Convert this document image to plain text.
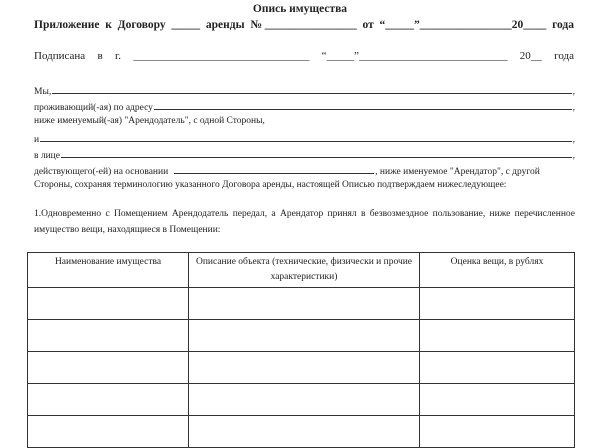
Опись имущества
Приложение к Договору _____ аренды №________________ от “_____”________________20____ года
Подписана в г. ________________________________ “_____”___________________________ 20__ года
Мы,	,
проживающий(-ая) по адресу	,
ниже именуемый(-ая) "Арендодатель", с одной Стороны,
и	,
в лице	,
действующего(-ей) на основании	, ниже именуемое "Арендатор", с другой
Стороны, сохраняя терминологию указанного Договора аренды, настоящей Описью подтверждаем нижеследующее:
1.Одновременно с Помещением Арендодатель передал, а Арендатор принял в безвозмездное пользование, ниже перечисленное имущество вещи, находящиеся в Помещении:
Наименование имущества	Описание объекта (технические, физически и прочие характеристики)	Оценка вещи, в рублях
